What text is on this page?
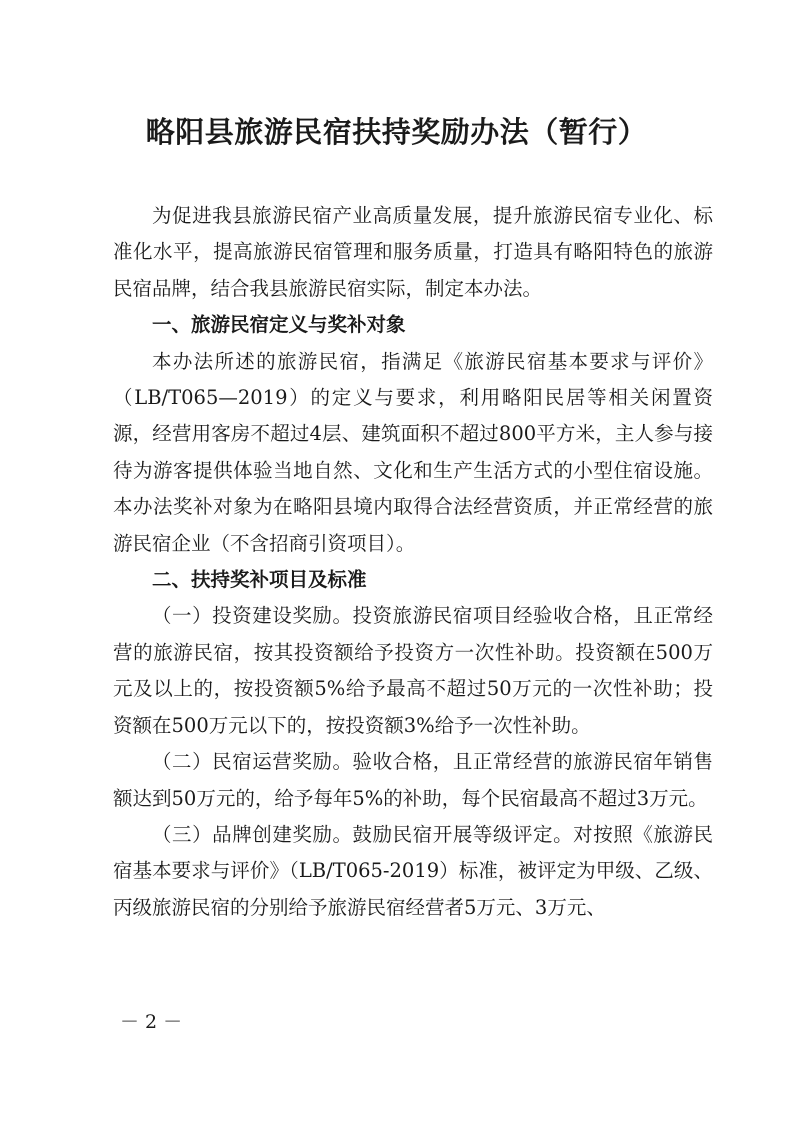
略阳县旅游民宿扶持奖励办法（暂行）

为促进我县旅游民宿产业高质量发展，提升旅游民宿专业化、标准化水平，提高旅游民宿管理和服务质量，打造具有略阳特色的旅游民宿品牌，结合我县旅游民宿实际，制定本办法。

一、旅游民宿定义与奖补对象

本办法所述的旅游民宿，指满足《旅游民宿基本要求与评价》（LB/T065—2019）的定义与要求，利用略阳民居等相关闲置资源，经营用客房不超过4层、建筑面积不超过800平方米，主人参与接待为游客提供体验当地自然、文化和生产生活方式的小型住宿设施。本办法奖补对象为在略阳县境内取得合法经营资质，并正常经营的旅游民宿企业（不含招商引资项目）。

二、扶持奖补项目及标准

（一）投资建设奖励。投资旅游民宿项目经验收合格，且正常经营的旅游民宿，按其投资额给予投资方一次性补助。投资额在500万元及以上的，按投资额5%给予最高不超过50万元的一次性补助；投资额在500万元以下的，按投资额3%给予一次性补助。

（二）民宿运营奖励。验收合格，且正常经营的旅游民宿年销售额达到50万元的，给予每年5%的补助，每个民宿最高不超过3万元。

（三）品牌创建奖励。鼓励民宿开展等级评定。对按照《旅游民宿基本要求与评价》（LB/T065-2019）标准，被评定为甲级、乙级、丙级旅游民宿的分别给予旅游民宿经营者5万元、3万元、

－ 2 －
